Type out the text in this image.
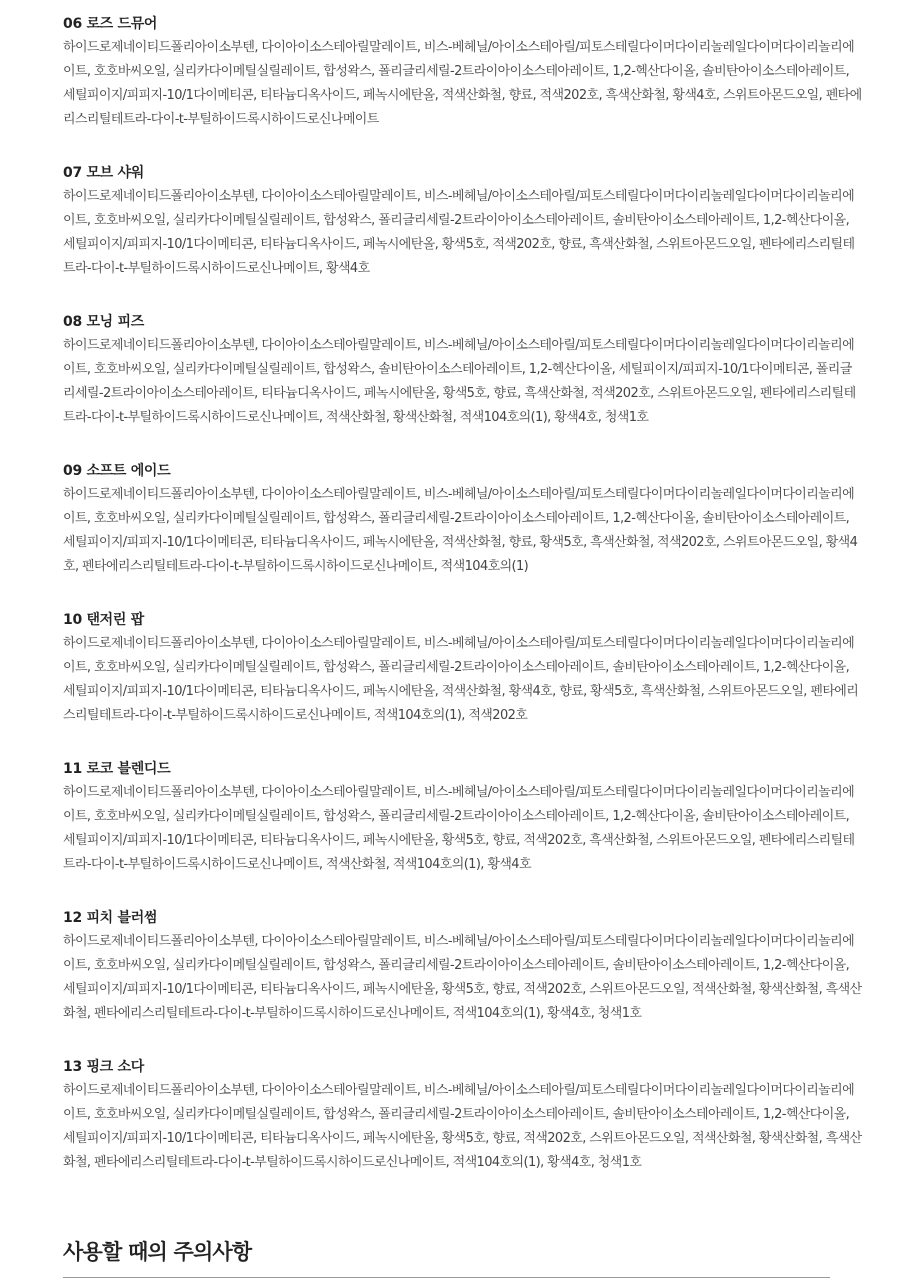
06 로즈 드뮤어
하이드로제네이티드폴리아이소부텐, 다이아이소스테아릴말레이트, 비스-베헤닐/아이소스테아릴/피토스테릴다이머다이리놀레일다이머다이리놀리에이트, 호호바씨오일, 실리카다이메틸실릴레이트, 합성왁스, 폴리글리세릴-2트라이아이소스테아레이트, 1,2-헥산다이올, 솔비탄아이소스테아레이트, 세틸피이지/피피지-10/1다이메티콘, 티타늄디옥사이드, 페녹시에탄올, 적색산화철, 향료, 적색202호, 흑색산화철, 황색4호, 스위트아몬드오일, 펜타에리스리틸테트라-다이-t-부틸하이드록시하이드로신나메이트
07 모브 샤워
하이드로제네이티드폴리아이소부텐, 다이아이소스테아릴말레이트, 비스-베헤닐/아이소스테아릴/피토스테릴다이머다이리놀레일다이머다이리놀리에이트, 호호바씨오일, 실리카다이메틸실릴레이트, 합성왁스, 폴리글리세릴-2트라이아이소스테아레이트, 솔비탄아이소스테아레이트, 1,2-헥산다이올, 세틸피이지/피피지-10/1다이메티콘, 티타늄디옥사이드, 페녹시에탄올, 황색5호, 적색202호, 향료, 흑색산화철, 스위트아몬드오일, 펜타에리스리틸테트라-다이-t-부틸하이드록시하이드로신나메이트, 황색4호
08 모닝 피즈
하이드로제네이티드폴리아이소부텐, 다이아이소스테아릴말레이트, 비스-베헤닐/아이소스테아릴/피토스테릴다이머다이리놀레일다이머다이리놀리에이트, 호호바씨오일, 실리카다이메틸실릴레이트, 합성왁스, 솔비탄아이소스테아레이트, 1,2-헥산다이올, 세틸피이지/피피지-10/1다이메티콘, 폴리글리세릴-2트라이아이소스테아레이트, 티타늄디옥사이드, 페녹시에탄올, 황색5호, 향료, 흑색산화철, 적색202호, 스위트아몬드오일, 펜타에리스리틸테트라-다이-t-부틸하이드록시하이드로신나메이트, 적색산화철, 황색산화철, 적색104호의(1), 황색4호, 청색1호
09 소프트 에이드
하이드로제네이티드폴리아이소부텐, 다이아이소스테아릴말레이트, 비스-베헤닐/아이소스테아릴/피토스테릴다이머다이리놀레일다이머다이리놀리에이트, 호호바씨오일, 실리카다이메틸실릴레이트, 합성왁스, 폴리글리세릴-2트라이아이소스테아레이트, 1,2-헥산다이올, 솔비탄아이소스테아레이트, 세틸피이지/피피지-10/1다이메티콘, 티타늄디옥사이드, 페녹시에탄올, 적색산화철, 향료, 황색5호, 흑색산화철, 적색202호, 스위트아몬드오일, 황색4호, 펜타에리스리틸테트라-다이-t-부틸하이드록시하이드로신나메이트, 적색104호의(1)
10 탠저린 팝
하이드로제네이티드폴리아이소부텐, 다이아이소스테아릴말레이트, 비스-베헤닐/아이소스테아릴/피토스테릴다이머다이리놀레일다이머다이리놀리에이트, 호호바씨오일, 실리카다이메틸실릴레이트, 합성왁스, 폴리글리세릴-2트라이아이소스테아레이트, 솔비탄아이소스테아레이트, 1,2-헥산다이올, 세틸피이지/피피지-10/1다이메티콘, 티타늄디옥사이드, 페녹시에탄올, 적색산화철, 황색4호, 향료, 황색5호, 흑색산화철, 스위트아몬드오일, 펜타에리스리틸테트라-다이-t-부틸하이드록시하이드로신나메이트, 적색104호의(1), 적색202호
11 로코 블렌디드
하이드로제네이티드폴리아이소부텐, 다이아이소스테아릴말레이트, 비스-베헤닐/아이소스테아릴/피토스테릴다이머다이리놀레일다이머다이리놀리에이트, 호호바씨오일, 실리카다이메틸실릴레이트, 합성왁스, 폴리글리세릴-2트라이아이소스테아레이트, 1,2-헥산다이올, 솔비탄아이소스테아레이트, 세틸피이지/피피지-10/1다이메티콘, 티타늄디옥사이드, 페녹시에탄올, 황색5호, 향료, 적색202호, 흑색산화철, 스위트아몬드오일, 펜타에리스리틸테트라-다이-t-부틸하이드록시하이드로신나메이트, 적색산화철, 적색104호의(1), 황색4호
12 피치 블러썸
하이드로제네이티드폴리아이소부텐, 다이아이소스테아릴말레이트, 비스-베헤닐/아이소스테아릴/피토스테릴다이머다이리놀레일다이머다이리놀리에이트, 호호바씨오일, 실리카다이메틸실릴레이트, 합성왁스, 폴리글리세릴-2트라이아이소스테아레이트, 솔비탄아이소스테아레이트, 1,2-헥산다이올, 세틸피이지/피피지-10/1다이메티콘, 티타늄디옥사이드, 페녹시에탄올, 황색5호, 향료, 적색202호, 스위트아몬드오일, 적색산화철, 황색산화철, 흑색산화철, 펜타에리스리틸테트라-다이-t-부틸하이드록시하이드로신나메이트, 적색104호의(1), 황색4호, 청색1호
13 핑크 소다
하이드로제네이티드폴리아이소부텐, 다이아이소스테아릴말레이트, 비스-베헤닐/아이소스테아릴/피토스테릴다이머다이리놀레일다이머다이리놀리에이트, 호호바씨오일, 실리카다이메틸실릴레이트, 합성왁스, 폴리글리세릴-2트라이아이소스테아레이트, 솔비탄아이소스테아레이트, 1,2-헥산다이올, 세틸피이지/피피지-10/1다이메티콘, 티타늄디옥사이드, 페녹시에탄올, 황색5호, 향료, 적색202호, 스위트아몬드오일, 적색산화철, 황색산화철, 흑색산화철, 펜타에리스리틸테트라-다이-t-부틸하이드록시하이드로신나메이트, 적색104호의(1), 황색4호, 청색1호
사용할 때의 주의사항
